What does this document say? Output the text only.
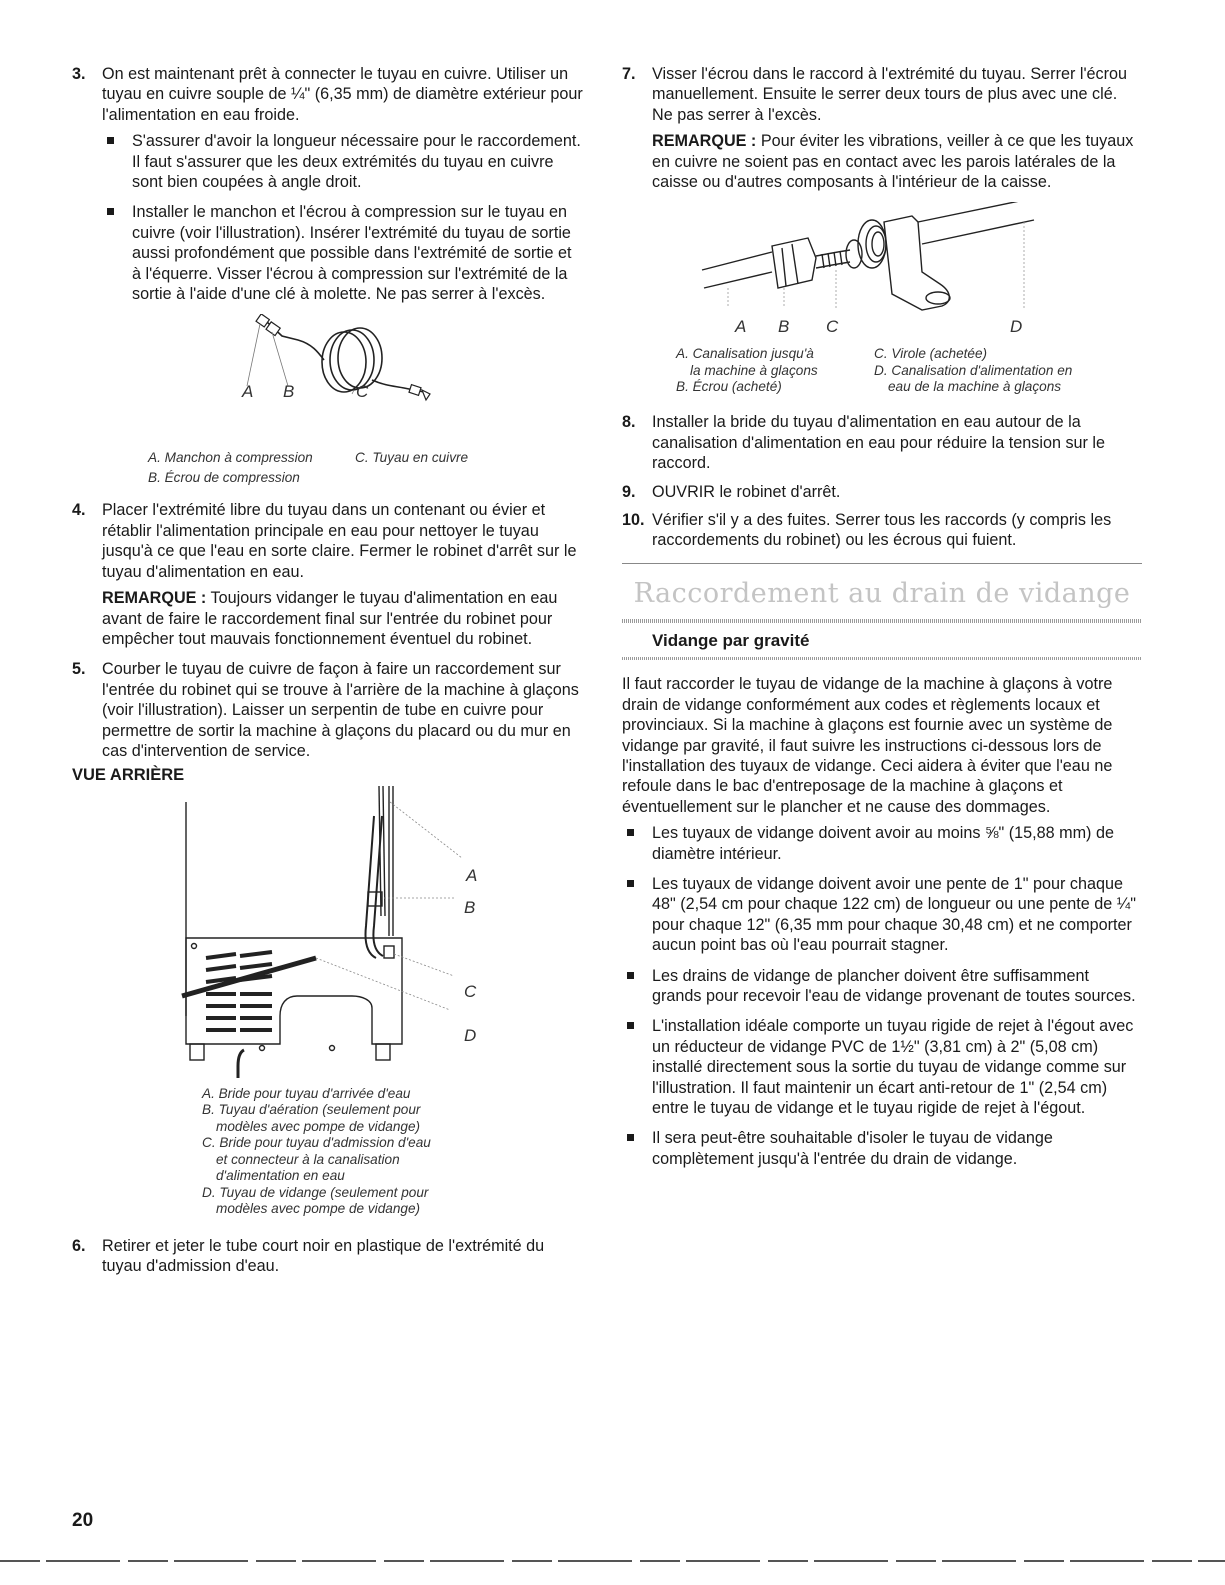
3. On est maintenant prêt à connecter le tuyau en cuivre. Utiliser un tuyau en cuivre souple de ¼" (6,35 mm) de diamètre extérieur pour l'alimentation en eau froide.
S'assurer d'avoir la longueur nécessaire pour le raccordement. Il faut s'assurer que les deux extrémités du tuyau en cuivre sont bien coupées à angle droit.
Installer le manchon et l'écrou à compression sur le tuyau en cuivre (voir l'illustration). Insérer l'extrémité du tuyau de sortie aussi profondément que possible dans l'extrémité de sortie et à l'équerre. Visser l'écrou à compression sur l'extrémité de la sortie à l'aide d'une clé à molette. Ne pas serrer à l'excès.
A B	C
A. Manchon à compression
B. Écrou de compression
C. Tuyau en cuivre
4. Placer l'extrémité libre du tuyau dans un contenant ou évier et rétablir l'alimentation principale en eau pour nettoyer le tuyau jusqu'à ce que l'eau en sorte claire. Fermer le robinet d'arrêt sur le tuyau d'alimentation en eau.
REMARQUE : Toujours vidanger le tuyau d'alimentation en eau avant de faire le raccordement final sur l'entrée du robinet pour empêcher tout mauvais fonctionnement éventuel du robinet.
5. Courber le tuyau de cuivre de façon à faire un raccordement sur l'entrée du robinet qui se trouve à l'arrière de la machine à glaçons (voir l'illustration). Laisser un serpentin de tube en cuivre pour permettre de sortir la machine à glaçons du placard ou du mur en cas d'intervention de service.
VUE ARRIÈRE
A
B
C
D
A. Bride pour tuyau d'arrivée d'eau
B. Tuyau d'aération (seulement pour
modèles avec pompe de vidange)
C. Bride pour tuyau d'admission d'eau
et connecteur à la canalisation
d'alimentation en eau
D. Tuyau de vidange (seulement pour
modèles avec pompe de vidange)
6. Retirer et jeter le tube court noir en plastique de l'extrémité du tuyau d'admission d'eau.
7. Visser l'écrou dans le raccord à l'extrémité du tuyau. Serrer l'écrou manuellement. Ensuite le serrer deux tours de plus avec une clé. Ne pas serrer à l'excès.
REMARQUE : Pour éviter les vibrations, veiller à ce que les tuyaux en cuivre ne soient pas en contact avec les parois latérales de la caisse ou d'autres composants à l'intérieur de la caisse.
A B C	D
A. Canalisation jusqu'à
la machine à glaçons
B. Écrou (acheté)
C. Virole (achetée)
D. Canalisation d'alimentation en
eau de la machine à glaçons
8. Installer la bride du tuyau d'alimentation en eau autour de la canalisation d'alimentation en eau pour réduire la tension sur le raccord.
9. OUVRIR le robinet d'arrêt.
10. Vérifier s'il y a des fuites. Serrer tous les raccords (y compris les raccordements du robinet) ou les écrous qui fuient.
Raccordement au drain de vidange
Vidange par gravité
Il faut raccorder le tuyau de vidange de la machine à glaçons à votre drain de vidange conformément aux codes et règlements locaux et provinciaux. Si la machine à glaçons est fournie avec un système de vidange par gravité, il faut suivre les instructions ci-dessous lors de l'installation des tuyaux de vidange. Ceci aidera à éviter que l'eau ne refoule dans le bac d'entreposage de la machine à glaçons et éventuellement sur le plancher et ne cause des dommages.
Les tuyaux de vidange doivent avoir au moins ⅝" (15,88 mm) de diamètre intérieur.
Les tuyaux de vidange doivent avoir une pente de 1" pour chaque 48" (2,54 cm pour chaque 122 cm) de longueur ou une pente de ¼" pour chaque 12" (6,35 mm pour chaque 30,48 cm) et ne comporter aucun point bas où l'eau pourrait stagner.
Les drains de vidange de plancher doivent être suffisamment grands pour recevoir l'eau de vidange provenant de toutes sources.
L'installation idéale comporte un tuyau rigide de rejet à l'égout avec un réducteur de vidange PVC de 1½" (3,81 cm) à 2" (5,08 cm) installé directement sous la sortie du tuyau de vidange comme sur l'illustration. Il faut maintenir un écart anti-retour de 1" (2,54 cm) entre le tuyau de vidange et le tuyau rigide de rejet à l'égout.
Il sera peut-être souhaitable d'isoler le tuyau de vidange complètement jusqu'à l'entrée du drain de vidange.
20
